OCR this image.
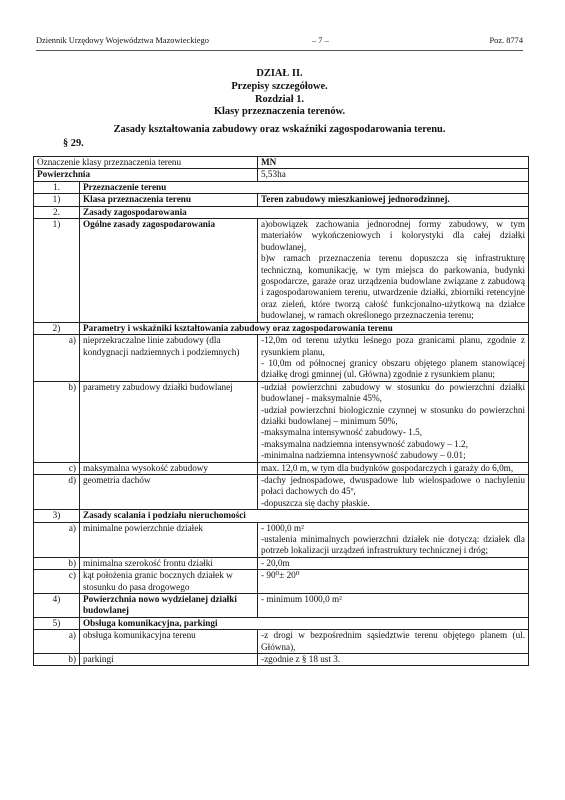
Dziennik Urzędowy Województwa Mazowieckiego	– 7 –	Poz. 8774
DZIAŁ II.
Przepisy szczegółowe.
Rozdział 1.
Klasy przeznaczenia terenów.
Zasady kształtowania zabudowy oraz wskaźniki zagospodarowania terenu.
§ 29.
Oznaczenie klasy przeznaczenia terenu		MN
Powierzchnia		5,53ha
1.	Przeznaczenie terenu	
1)	Klasa przeznaczenia terenu	Teren zabudowy mieszkaniowej jednorodzinnej.
2.	Zasady zagospodarowania	
1)	Ogólne zasady zagospodarowania	a)obowiązek zachowania jednorodnej formy zabudowy, w tym materiałów wykończeniowych i kolorystyki dla całej działki budowlanej,
b)w ramach przeznaczenia terenu dopuszcza się infrastrukturę techniczną, komunikację, w tym miejsca do parkowania, budynki gospodarcze, garaże oraz urządzenia budowlane związane z zabudową i zagospodarowaniem terenu, utwardzenie działki, zbiorniki retencyjne oraz zieleń, które tworzą całość funkcjonalno-użytkową na działce budowlanej, w ramach określonego przeznaczenia terenu;

2)	Parametry i wskaźniki kształtowania zabudowy oraz zagospodarowania terenu	
a)	nieprzekraczalne linie zabudowy (dla kondygnacji nadziemnych i podziemnych)	-12,0m od terenu użytku leśnego poza granicami planu, zgodnie z rysunkiem planu,
- 10,0m od północnej granicy obszaru objętego planem stanowiącej działkę drogi gminnej (ul. Główna) zgodnie z rysunkiem planu;

b)	parametry zabudowy działki budowlanej	-udział powierzchni zabudowy w stosunku do powierzchni działki budowlanej - maksymalnie 45%,
-udział powierzchni biologicznie czynnej w stosunku do powierzchni działki budowlanej – minimum 50%,
-maksymalna intensywność zabudowy- 1.5,
-maksymalna nadziemna intensywność zabudowy – 1.2,
-minimalna nadziemna intensywność zabudowy – 0.01;

c)	maksymalna wysokość zabudowy	max. 12,0 m, w tym dla budynków gospodarczych i garaży do 6,0m,
d)	geometria dachów	-dachy jednospadowe, dwuspadowe lub wielospadowe o nachyleniu połaci dachowych do 45º,
-dopuszcza się dachy płaskie.

3)	Zasady scalania i podziału nieruchomości	
a)	minimalne powierzchnie działek	- 1000,0 m²
-ustalenia minimalnych powierzchni działek nie dotyczą: działek dla potrzeb lokalizacji urządzeń infrastruktury technicznej i dróg;

b)	minimalna szerokość frontu działki	- 20,0m
c)	kąt położenia granic bocznych działek w stosunku do pasa drogowego	- 90⁰± 20⁰
4)	Powierzchnia nowo wydzielanej działki budowlanej	- minimum 1000,0 m²
5)	Obsługa komunikacyjna, parkingi	
a)	obsługa komunikacyjna terenu	-z drogi w bezpośrednim sąsiedztwie terenu objętego planem (ul. Główna),
b)	parkingi	-zgodnie z § 18 ust 3.
